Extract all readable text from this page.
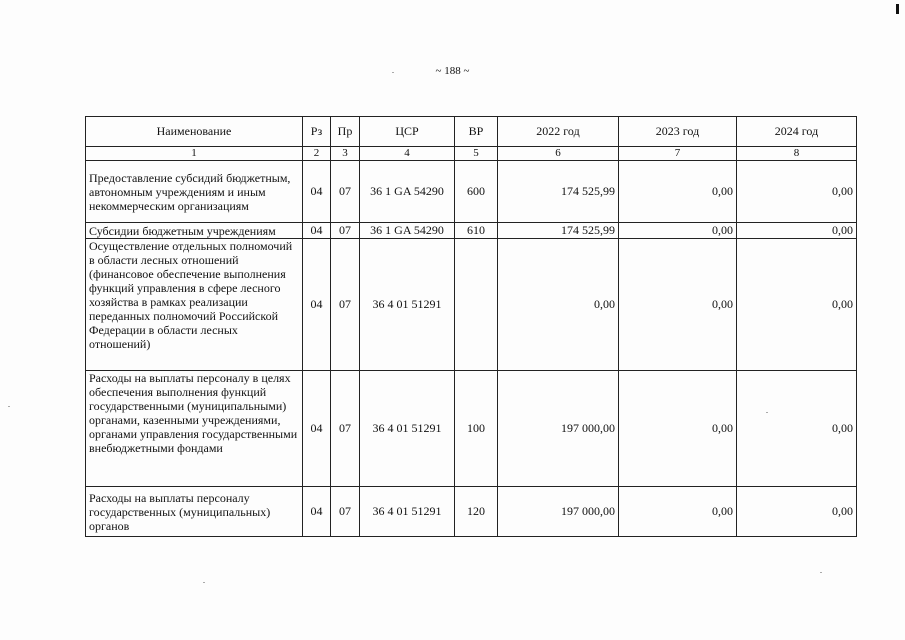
~ 188 ~
Наименование	Рз	Пр	ЦСР	ВР	2022 год	2023 год	2024 год
1	2	3	4	5	6	7	8
Предоставление субсидий бюджетным, автономным учреждениям и иным некоммерческим организациям	04	07	36 1 GA 54290	600	174 525,99	0,00	0,00
Субсидии бюджетным учреждениям	04	07	36 1 GA 54290	610	174 525,99	0,00	0,00
Осуществление отдельных полномочий в области лесных отношений (финансовое обеспечение выполнения функций управления в сфере лесного хозяйства в рамках реализации переданных полномочий Российской Федерации в области лесных отношений)	04	07	36 4 01 51291		0,00	0,00	0,00
Расходы на выплаты персоналу в целях обеспечения выполнения функций государственными (муниципальными) органами, казенными учреждениями, органами управления государственными внебюджетными фондами	04	07	36 4 01 51291	100	197 000,00	0,00	0,00
Расходы на выплаты персоналу государственных (муниципальных) органов	04	07	36 4 01 51291	120	197 000,00	0,00	0,00
